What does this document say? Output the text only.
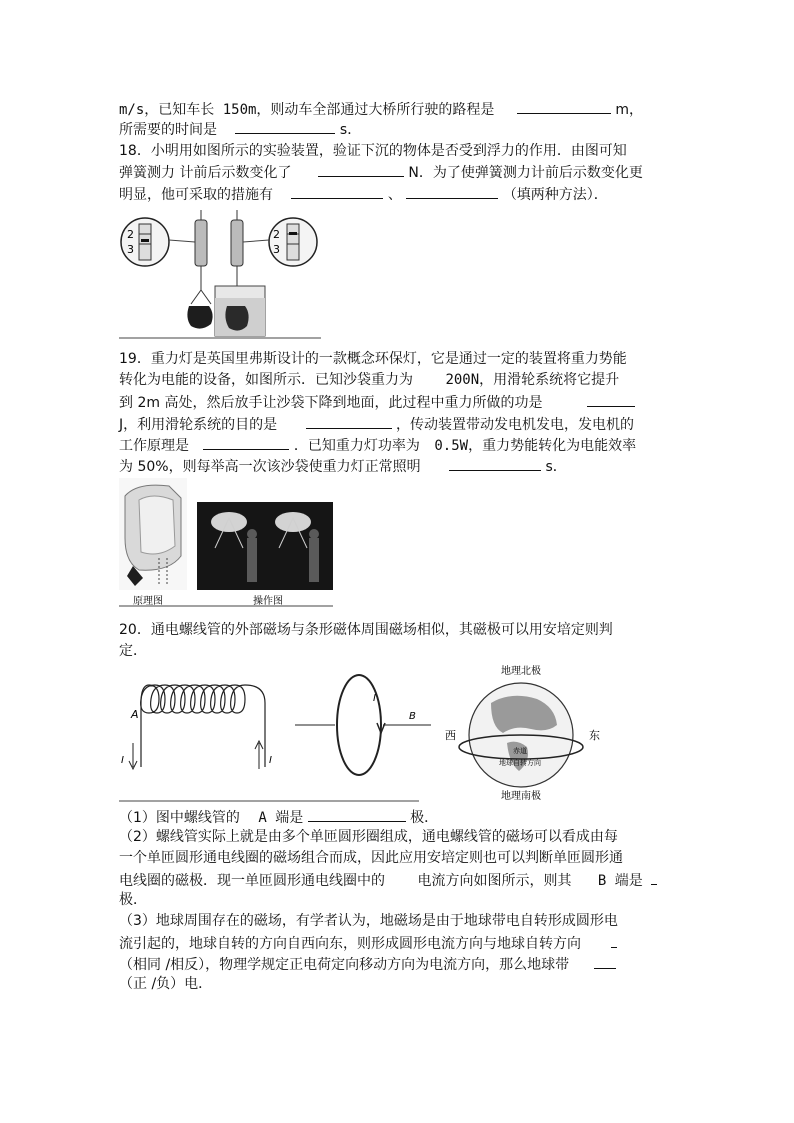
m/s，已知车长 150m，则动车全部通过大桥所行驶的路程是	m，
所需要的时间是	s．
18．小明用如图所示的实验装置，验证下沉的物体是否受到浮力的作用．由图可知
弹簧测力 计前后示数变化了	N．为了使弹簧测力计前后示数变化更
明显，他可采取的措施有	、	（填两种方法）．
2
3
2
3
19．重力灯是英国里弗斯设计的一款概念环保灯，它是通过一定的装置将重力势能
转化为电能的设备，如图所示．已知沙袋重力为 200N，用滑轮系统将它提升
到 2m 高处，然后放手让沙袋下降到地面，此过程中重力所做的功是
J，利用滑轮系统的目的是	，传动装置带动发电机发电，发电机的
工作原理是	．已知重力灯功率为 0.5W，重力势能转化为电能效率
为 50%，则每举高一次该沙袋使重力灯正常照明	s．
原理图	操作图
20．通电螺线管的外部磁场与条形磁体周围磁场相似，其磁极可以用安培定则判
定．
A
I	I
I
B
地理北极
西	东
赤道
地球自转方向
地理南极
（1）图中螺线管的 A 端是	极．
（2）螺线管实际上就是由多个单匝圆形圈组成，通电螺线管的磁场可以看成由每
一个单匝圆形通电线圈的磁场组合而成，因此应用安培定则也可以判断单匝圆形通
电线圈的磁极．现一单匝圆形通电线圈中的 电流方向如图所示，则其 B 端是
极．
（3）地球周围存在的磁场，有学者认为，地磁场是由于地球带电自转形成圆形电
流引起的，地球自转的方向自西向东，则形成圆形电流方向与地球自转方向
（相同 /相反），物理学规定正电荷定向移动方向为电流方向，那么地球带
（正 /负）电．
